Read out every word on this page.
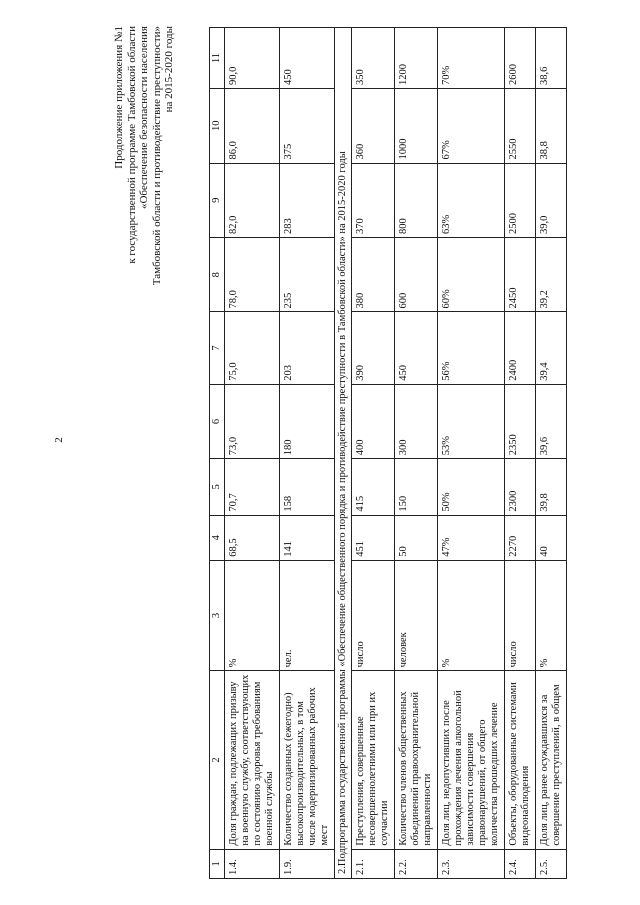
2
Продолжение приложения №1 к государственной программе Тамбовской области «Обеспечение безопасности населения Тамбовской области и противодействие преступности» на 2015-2020 годы
1	2	3	4	5	6	7	8	9	10	11
1.4.	Доля граждан, подлежащих призыву на военную службу, соответствующих по состоянию здоровья требованиям военной службы	%	68,5	70,7	73,0	75,0	78,0	82,0	86,0	90,0
1.9.	Количество созданных (ежегодно) высокопроизводительных, в том числе модернизированных рабочих мест	чел.	141	158	180	203	235	283	375	450
2.Подпрограмма государственной программы «Обеспечение общественного порядка и противодействие преступности в Тамбовской области» на 2015-2020 годы										
2.1.	Преступления, совершенные несовершеннолетними или при их соучастии	число	451	415	400	390	380	370	360	350
2.2.	Количество членов общественных объединений правоохранительной направленности	человек	50	150	300	450	600	800	1000	1200
2.3.	Доля лиц, недопустивших после прохождения лечения алкогольной зависимости совершения правонарушений, от общего количества прошедших лечение	%	47%	50%	53%	56%	60%	63%	67%	70%
2.4.	Объекты, оборудованные системами видеонаблюдения	число	2270	2300	2350	2400	2450	2500	2550	2600
2.5.	Доля лиц, ранее осуждавшихся за совершение преступлений, в общем	%	40	39,8	39,6	39,4	39,2	39,0	38,8	38,6
